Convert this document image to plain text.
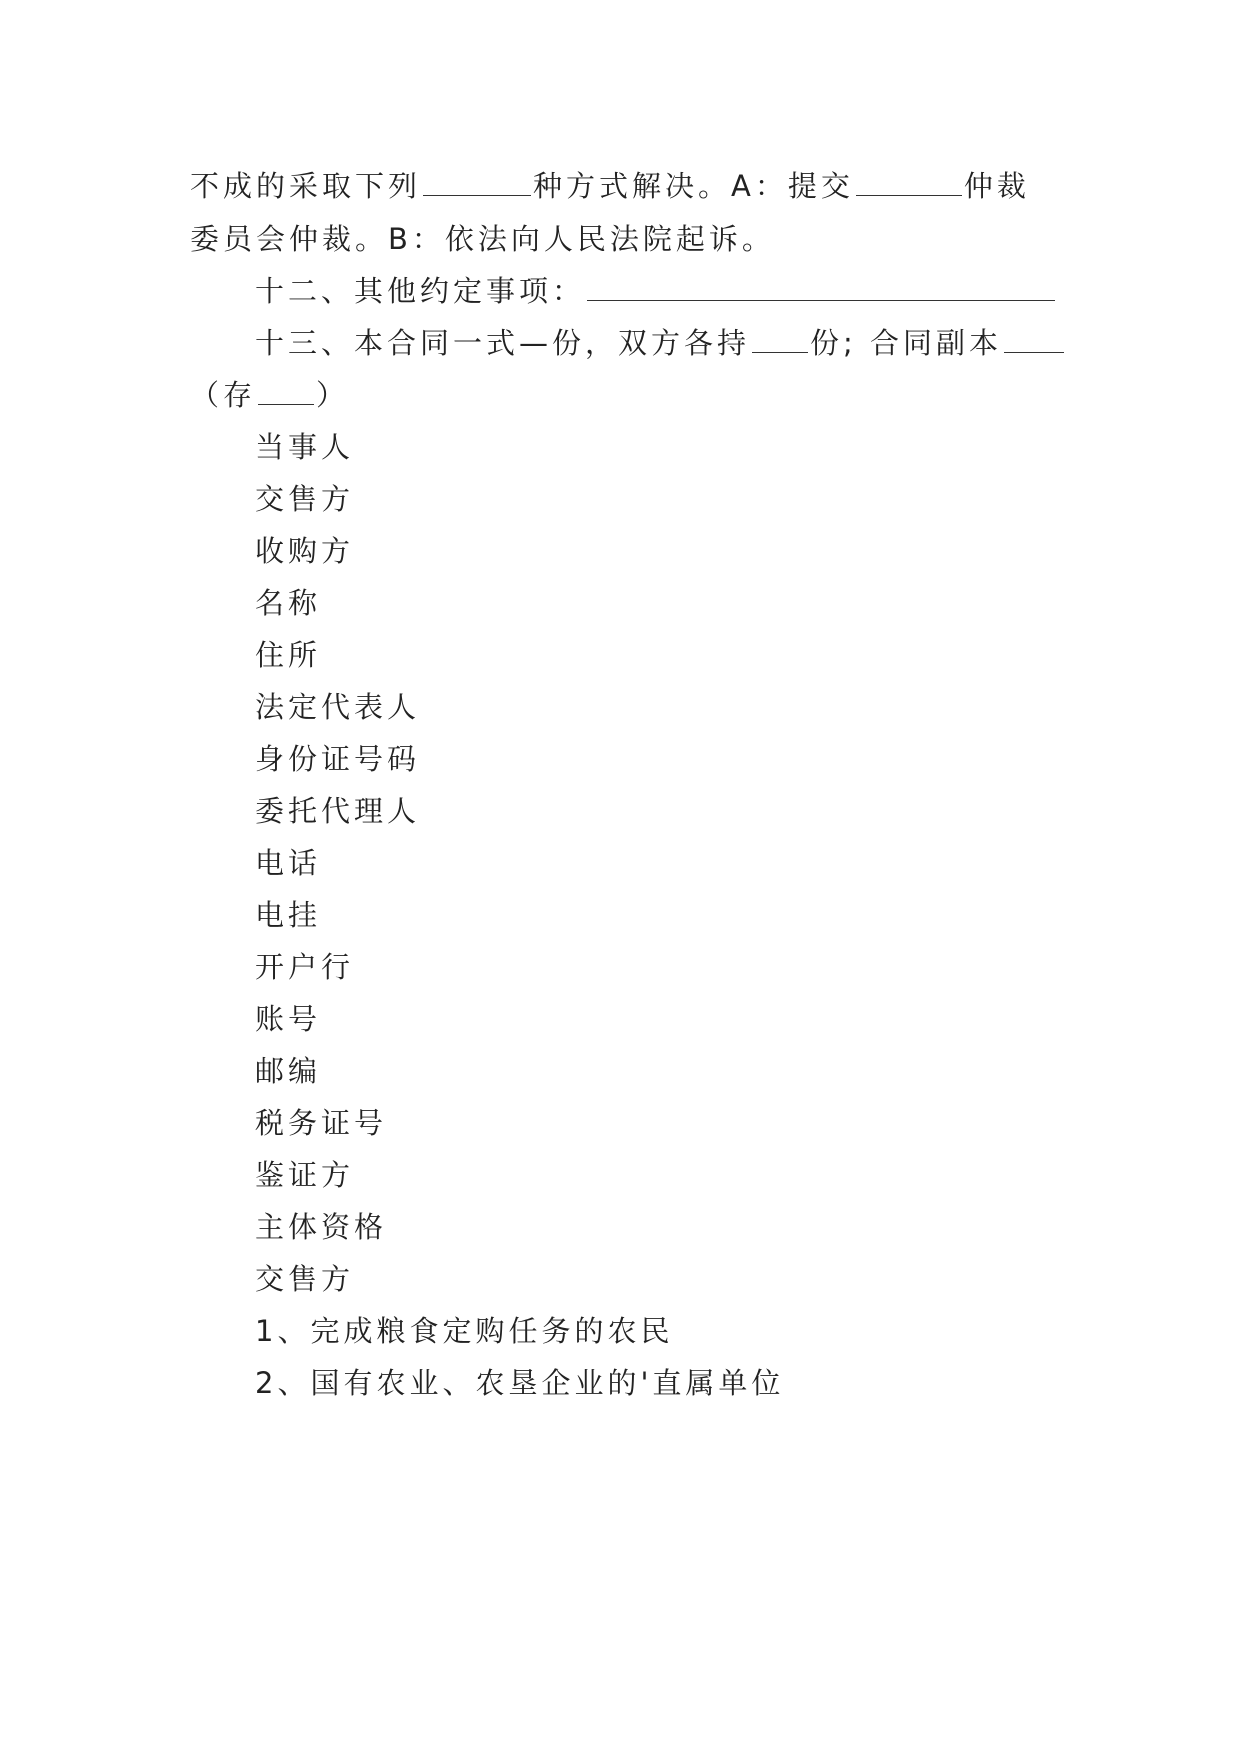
不成的采取下列	种方式解决。A：提交	仲裁
委员会仲裁。B：依法向人民法院起诉。
十二、其他约定事项：
十三、本合同一式—份，双方各持 份; 合同副本
（存 ）
当事人
交售方
收购方
名称
住所
法定代表人
身份证号码
委托代理人
电话
电挂
开户行
账号
邮编
税务证号
鉴证方
主体资格
交售方
1、完成粮食定购任务的农民
2、国有农业、农垦企业的'直属单位
